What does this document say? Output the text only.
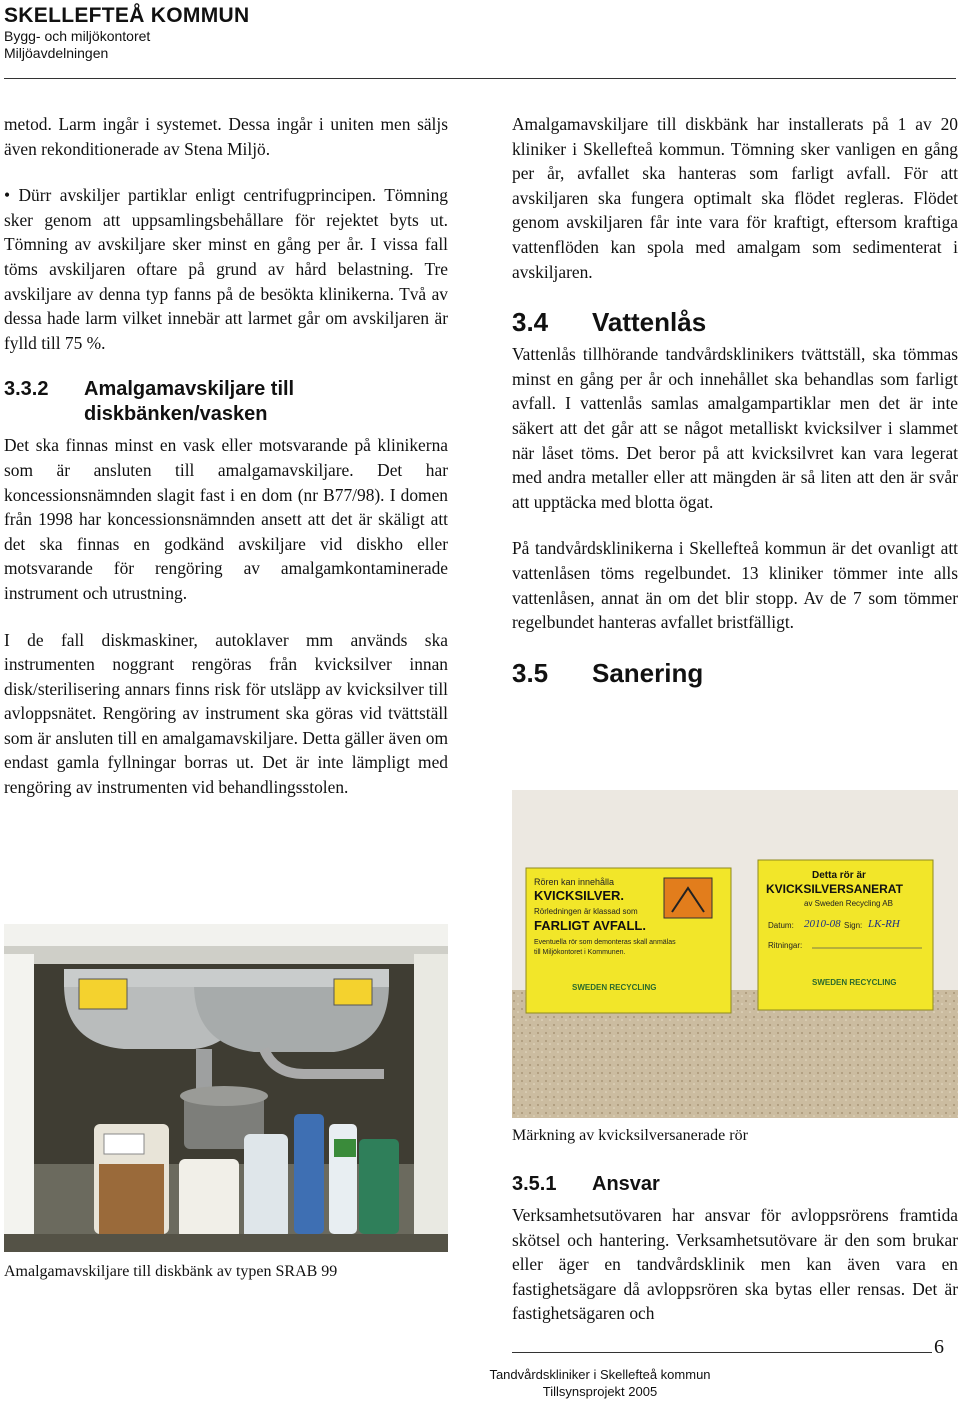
SKELLEFTEÅ KOMMUN
Bygg- och miljökontoret
Miljöavdelningen

metod. Larm ingår i systemet. Dessa ingår i uniten men säljs även rekonditionerade av Stena Miljö.

• Dürr avskiljer partiklar enligt centrifugprincipen. Tömning sker genom att uppsamlingsbehållare för rejektet byts ut. Tömning av avskiljare sker minst en gång per år. I vissa fall töms avskiljaren oftare på grund av hård belastning. Tre avskiljare av denna typ fanns på de besökta klinikerna. Två av dessa hade larm vilket innebär att larmet går om avskiljaren är fylld till 75 %.
3.3.2	Amalgamavskiljare till diskbänken/vasken

Det ska finnas minst en vask eller motsvarande på klinikerna som är ansluten till amalgamavskiljare. Det har koncessionsnämnden slagit fast i en dom (nr B77/98). I domen från 1998 har koncessionsnämnden ansett att det är skäligt att det ska finnas en godkänd avskiljare vid diskho eller motsvarande för rengöring av amalgamkontaminerade instrument och utrustning.

I de fall diskmaskiner, autoklaver mm används ska instrumenten noggrant rengöras från kvicksilver innan disk/sterilisering annars finns risk för utsläpp av kvicksilver till avloppsnätet. Rengöring av instrument ska göras vid tvättställ som är ansluten till en amalgamavskiljare. Detta gäller även om endast gamla fyllningar borras ut. Det är inte lämpligt med rengöring av instrumenten vid behandlingsstolen.

Amalgamavskiljare till diskbänk av typen SRAB 99

Amalgamavskiljare till diskbänk har installerats på 1 av 20 kliniker i Skellefteå kommun. Tömning sker vanligen en gång per år, avfallet ska hanteras som farligt avfall. För att avskiljaren ska fungera optimalt ska flödet regleras. Flödet genom avskiljaren får inte vara för kraftigt, eftersom kraftiga vattenflöden kan spola med amalgam som sedimenterat i avskiljaren.

3.4	Vattenlås

Vattenlås tillhörande tandvårdsklinikers tvättställ, ska tömmas minst en gång per år och innehållet ska behandlas som farligt avfall. I vattenlås samlas amalgampartiklar men det är inte säkert att det går att se något metalliskt kvicksilver i slammet när låset töms. Det beror på att kvicksilvret kan vara legerat med andra metaller eller att mängden är så liten att den är svår att upptäcka med blotta ögat.

På tandvårdsklinikerna i Skellefteå kommun är det ovanligt att vattenlåsen töms regelbundet. 13 kliniker tömmer inte alls vattenlåsen, annat än om det blir stopp. Av de 7 som tömmer regelbundet hanteras avfallet bristfälligt.

3.5	Sanering
Rören kan innehålla
KVICKSILVER.
Rörledningen är klassad som
FARLIGT AVFALL.
Eventuella rör som demonteras skall anmälas
till Miljökontoret i Kommunen.
SWEDEN RECYCLING
Detta rör är
KVICKSILVERSANERAT
av Sweden Recycling AB
Datum: 2010-08 Sign: LK-RH
Ritningar:
SWEDEN RECYCLING
Märkning av kvicksilversanerade rör
3.5.1	Ansvar

Verksamhetsutövaren har ansvar för avloppsrörens framtida skötsel och hantering. Verksamhetsutövare är den som brukar eller äger en tandvårdsklinik men kan även vara en fastighetsägare då avloppsrören ska bytas eller rensas. Det är fastighetsägaren och

6
Tandvårdskliniker i Skellefteå kommun
Tillsynsprojekt 2005
